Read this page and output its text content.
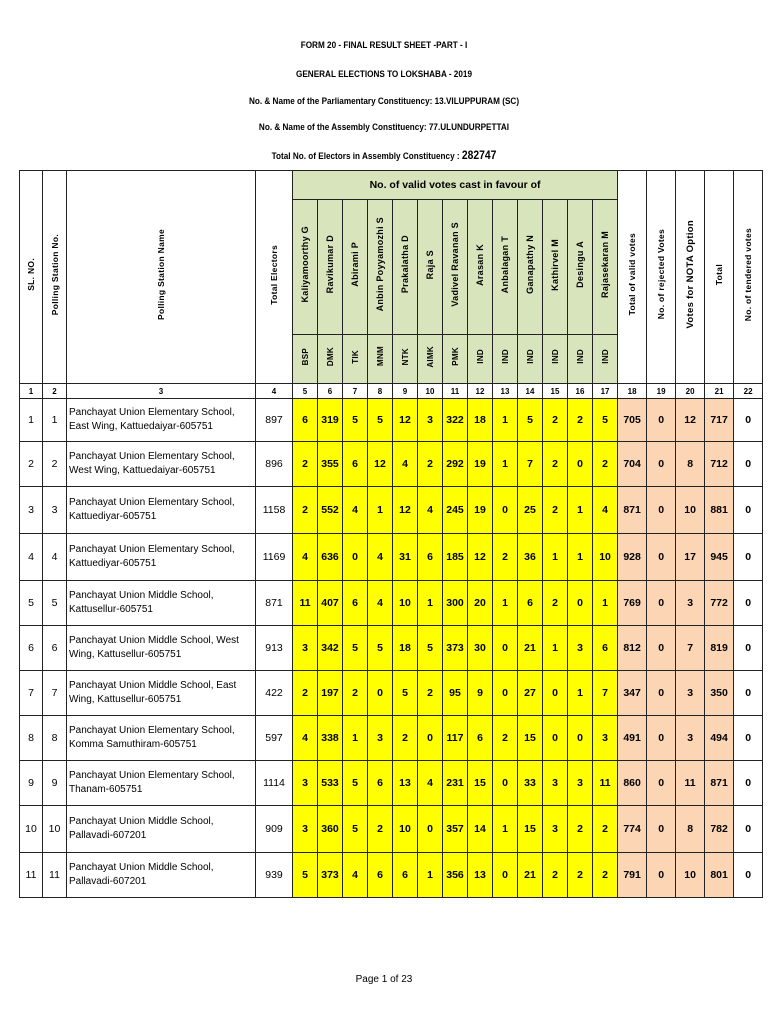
FORM 20 - FINAL RESULT SHEET -PART - I
GENERAL ELECTIONS TO LOKSHABA - 2019
No. & Name of the Parliamentary Constituency: 13.VILUPPURAM (SC)
No. & Name of the Assembly Constituency: 77.ULUNDURPETTAI
Total No. of Electors in Assembly Constituency : 282747
SL. NO.	Polling Station No.	Polling Station Name	Total Electors	No. of valid votes cast in favour of													Total of valid votes	No. of rejected Votes	Votes for NOTA Option	Total	No. of tendered votes
				Kaliyamoorthy G	Ravikumar D	Abirami P	Anbin Poyyamozhi S	Prakalatha D	Raja S	Vadivel Ravanan S	Arasan K	Anbalagan T	Ganapathy N	Kathirvel M	Desingu A	Rajasekaran M					
				BSP	DMK	TIK	MNM	NTK	AIMK	PMK	IND	IND	IND	IND	IND	IND					
1	2	3	4	5	6	7	8	9	10	11	12	13	14	15	16	17	18	19	20	21	22
1	1	Panchayat Union Elementary School, East Wing, Kattuedaiyar-605751	897	6	319	5	5	12	3	322	18	1	5	2	2	5	705	0	12	717	0
2	2	Panchayat Union Elementary School, West Wing, Kattuedaiyar-605751	896	2	355	6	12	4	2	292	19	1	7	2	0	2	704	0	8	712	0
3	3	Panchayat Union Elementary School, Kattuediyar-605751	1158	2	552	4	1	12	4	245	19	0	25	2	1	4	871	0	10	881	0
4	4	Panchayat Union Elementary School, Kattuediyar-605751	1169	4	636	0	4	31	6	185	12	2	36	1	1	10	928	0	17	945	0
5	5	Panchayat Union Middle School, Kattusellur-605751	871	11	407	6	4	10	1	300	20	1	6	2	0	1	769	0	3	772	0
6	6	Panchayat Union Middle School, West Wing, Kattusellur-605751	913	3	342	5	5	18	5	373	30	0	21	1	3	6	812	0	7	819	0
7	7	Panchayat Union Middle School, East Wing, Kattusellur-605751	422	2	197	2	0	5	2	95	9	0	27	0	1	7	347	0	3	350	0
8	8	Panchayat Union Elementary School, Komma Samuthiram-605751	597	4	338	1	3	2	0	117	6	2	15	0	0	3	491	0	3	494	0
9	9	Panchayat Union Elementary School, Thanam-605751	1114	3	533	5	6	13	4	231	15	0	33	3	3	11	860	0	11	871	0
10	10	Panchayat Union Middle School, Pallavadi-607201	909	3	360	5	2	10	0	357	14	1	15	3	2	2	774	0	8	782	0
11	11	Panchayat Union Middle School, Pallavadi-607201	939	5	373	4	6	6	1	356	13	0	21	2	2	2	791	0	10	801	0
Page 1 of 23
